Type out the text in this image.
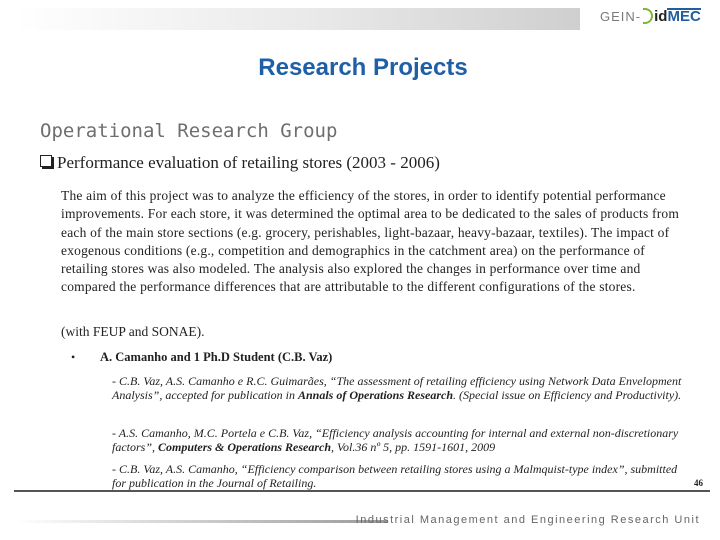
GEIN- id MEC
Research Projects
Operational Research Group
Performance evaluation of retailing stores (2003 - 2006)

The aim of this project was to analyze the efficiency of the stores, in order to identify potential performance improvements. For each store, it was determined the optimal area to be dedicated to the sales of products from each of the main store sections (e.g. grocery, perishables, light-bazaar, heavy-bazaar, textiles). The impact of exogenous conditions (e.g., competition and demographics in the catchment area) on the performance of retailing stores was also modeled. The analysis also explored the changes in performance over time and compared the performance differences that are attributable to the different configurations of the stores.

(with FEUP and SONAE).
• A. Camanho and 1 Ph.D Student (C.B. Vaz)

- C.B. Vaz, A.S. Camanho e R.C. Guimarães, “The assessment of retailing efficiency using Network Data Envelopment Analysis”, accepted for publication in Annals of Operations Research. (Special issue on Efficiency and Productivity).

- A.S. Camanho, M.C. Portela e C.B. Vaz, “Efficiency analysis accounting for internal and external non-discretionary factors”, Computers & Operations Research, Vol.36 nº 5, pp. 1591-1601, 2009

- C.B. Vaz, A.S. Camanho, “Efficiency comparison between retailing stores using a Malmquist-type index”, submitted for publication in the Journal of Retailing.	46
Industrial Management and Engineering Research Unit
